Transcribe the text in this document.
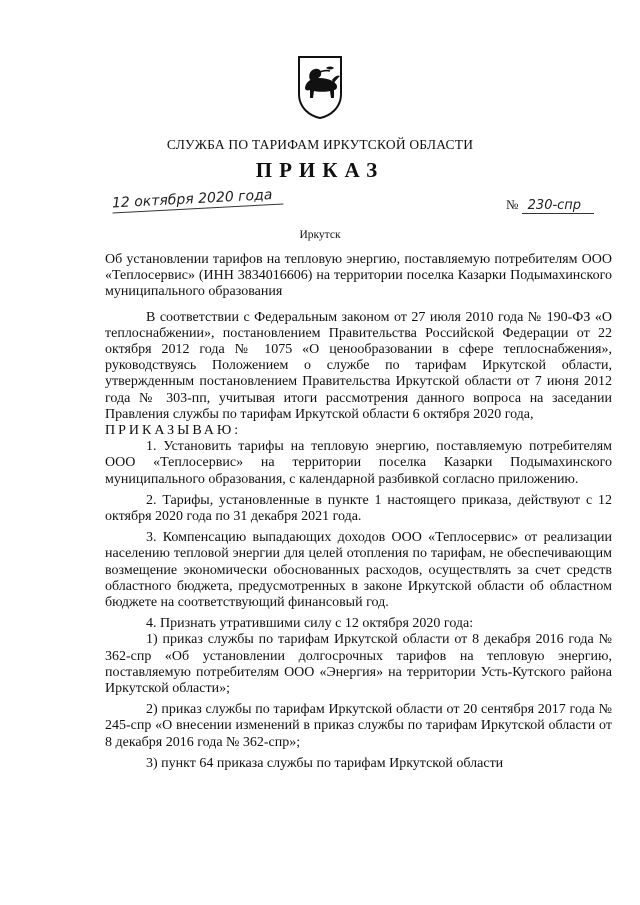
СЛУЖБА ПО ТАРИФАМ ИРКУТСКОЙ ОБЛАСТИ
ПРИКАЗ
12 октября 2020 года	№ 230-спр
Иркутск

Об установлении тарифов на тепловую энергию, поставляемую потребителям ООО «Теплосервис» (ИНН 3834016606) на территории поселка Казарки Подымахинского муниципального образования

В соответствии с Федеральным законом от 27 июля 2010 года № 190-ФЗ «О теплоснабжении», постановлением Правительства Российской Федерации от 22 октября 2012 года № 1075 «О ценообразовании в сфере теплоснабжения», руководствуясь Положением о службе по тарифам Иркутской области, утвержденным постановлением Правительства Иркутской области от 7 июня 2012 года № 303-пп, учитывая итоги рассмотрения данного вопроса на заседании Правления службы по тарифам Иркутской области 6 октября 2020 года,

ПРИКАЗЫВАЮ:

1. Установить тарифы на тепловую энергию, поставляемую потребителям ООО «Теплосервис» на территории поселка Казарки Подымахинского муниципального образования, с календарной разбивкой согласно приложению.

2. Тарифы, установленные в пункте 1 настоящего приказа, действуют с 12 октября 2020 года по 31 декабря 2021 года.

3. Компенсацию выпадающих доходов ООО «Теплосервис» от реализации населению тепловой энергии для целей отопления по тарифам, не обеспечивающим возмещение экономически обоснованных расходов, осуществлять за счет средств областного бюджета, предусмотренных в законе Иркутской области об областном бюджете на соответствующий финансовый год.

4. Признать утратившими силу с 12 октября 2020 года:

1) приказ службы по тарифам Иркутской области от 8 декабря 2016 года № 362-спр «Об установлении долгосрочных тарифов на тепловую энергию, поставляемую потребителям ООО «Энергия» на территории Усть-Кутского района Иркутской области»;

2) приказ службы по тарифам Иркутской области от 20 сентября 2017 года № 245-спр «О внесении изменений в приказ службы по тарифам Иркутской области от 8 декабря 2016 года № 362-спр»;

3) пункт 64 приказа службы по тарифам Иркутской области
